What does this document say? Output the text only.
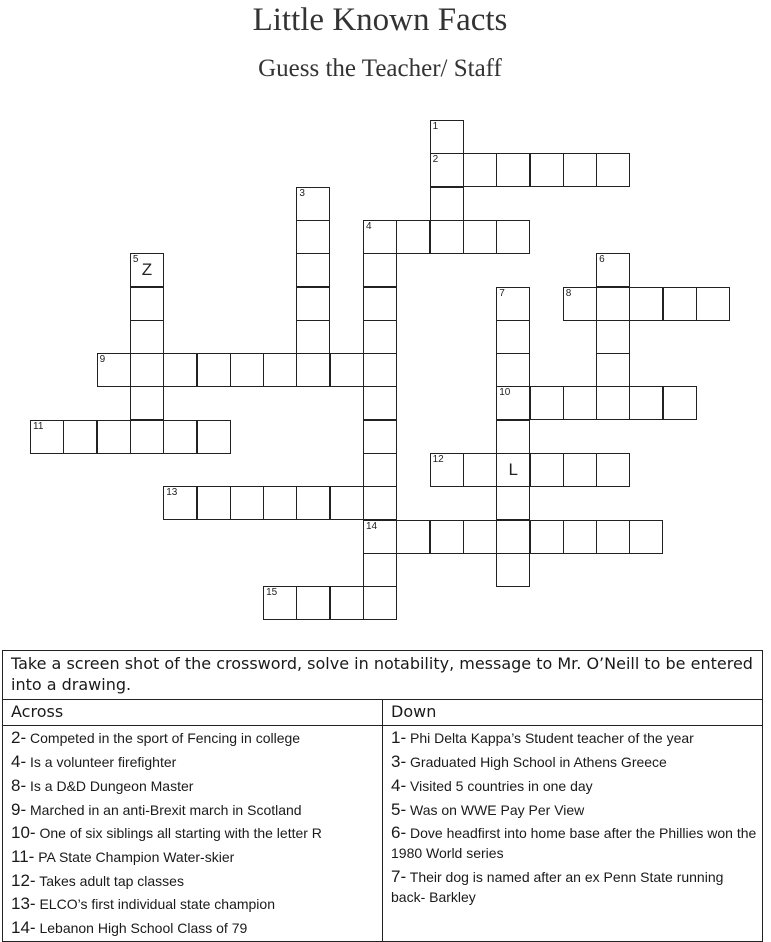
Little Known Facts
Guess the Teacher/ Staff
1
2
3
4
14
5
Z
6
7
10
L
8
9
11
12
13
15
Take a screen shot of the crossword, solve in notability, message to Mr. O’Neill to be entered into a drawing.
Across	Down
2- Competed in the sport of Fencing in college
4- Is a volunteer firefighter
8- Is a D&D Dungeon Master
9- Marched in an anti-Brexit march in Scotland
10- One of six siblings all starting with the letter R
11- PA State Champion Water-skier
12- Takes adult tap classes
13- ELCO’s first individual state champion
14- Lebanon High School Class of 79
1- Phi Delta Kappa’s Student teacher of the year
3- Graduated High School in Athens Greece
4- Visited 5 countries in one day
5- Was on WWE Pay Per View
6- Dove headfirst into home base after the Phillies won the 1980 World series
7- Their dog is named after an ex Penn State running back- Barkley
